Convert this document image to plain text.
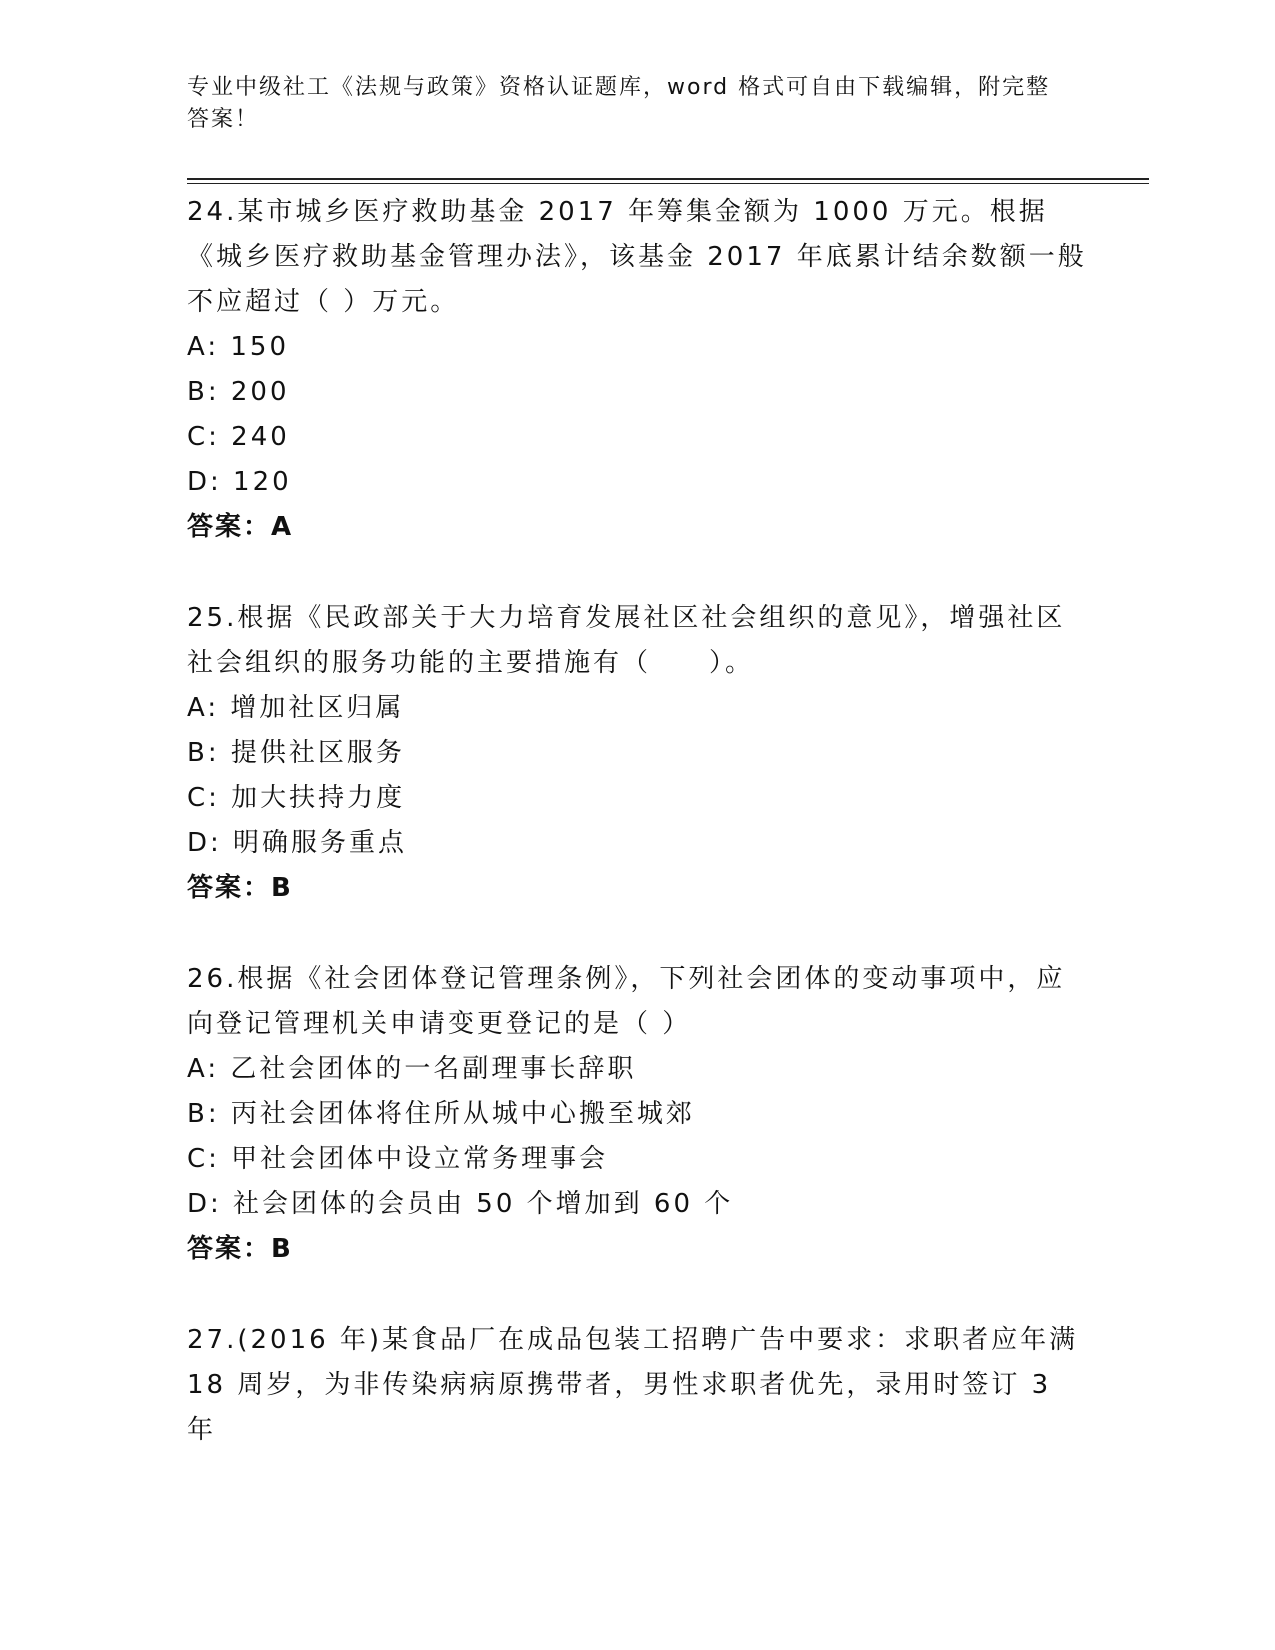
专业中级社工《法规与政策》资格认证题库，word 格式可自由下载编辑，附完整答案！
24.某市城乡医疗救助基金 2017 年筹集金额为 1000 万元。根据《城乡医疗救助基金管理办法》，该基金 2017 年底累计结余数额一般不应超过（ ）万元。
A: 150
B: 200
C: 240
D: 120
答案：A
25.根据《民政部关于大力培育发展社区社会组织的意见》，增强社区社会组织的服务功能的主要措施有（　　）。
A: 增加社区归属
B: 提供社区服务
C: 加大扶持力度
D: 明确服务重点
答案：B
26.根据《社会团体登记管理条例》，下列社会团体的变动事项中，应向登记管理机关申请变更登记的是（ ）
A: 乙社会团体的一名副理事长辞职
B: 丙社会团体将住所从城中心搬至城郊
C: 甲社会团体中设立常务理事会
D: 社会团体的会员由 50 个增加到 60 个
答案：B
27.(2016 年)某食品厂在成品包装工招聘广告中要求：求职者应年满 18 周岁，为非传染病病原携带者，男性求职者优先，录用时签订 3 年
